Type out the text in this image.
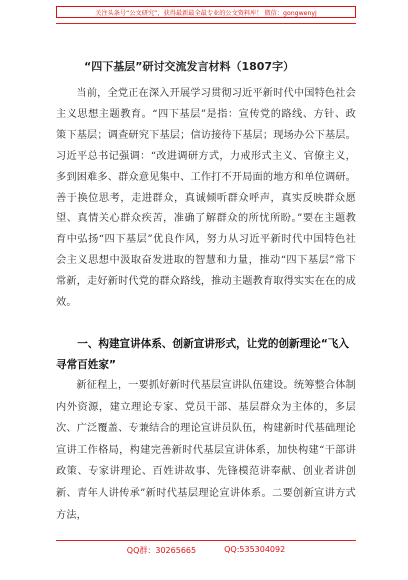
关注头条号“公文研究”，获得最新最全最专业的公文资料库！ 微信：gongwenyj
“四下基层”研讨交流发言材料（1807字）

当前，全党正在深入开展学习贯彻习近平新时代中国特色社会主义思想主题教育。“四下基层”是指：宣传党的路线、方针、政策下基层；调查研究下基层；信访接待下基层；现场办公下基层。习近平总书记强调：“改进调研方式，力戒形式主义、官僚主义，多到困难多、群众意见集中、工作打不开局面的地方和单位调研。善于换位思考，走进群众，真诚倾听群众呼声，真实反映群众愿望、真情关心群众疾苦，准确了解群众的所忧所盼。”要在主题教育中弘扬“四下基层”优良作风，努力从习近平新时代中国特色社会主义思想中汲取奋发进取的智慧和力量，推动“四下基层”常下常新，走好新时代党的群众路线，推动主题教育取得实实在在的成效。

一、构建宣讲体系、创新宣讲形式，让党的创新理论“飞入寻常百姓家”

新征程上，一要抓好新时代基层宣讲队伍建设。统筹整合体制内外资源，建立理论专家、党员干部、基层群众为主体的，多层次、广泛覆盖、专兼结合的理论宣讲员队伍，构建新时代基础理论宣讲工作格局，构建完善新时代基层宣讲体系，加快构建“干部讲政策、专家讲理论、百姓讲故事、先锋模范讲奉献、创业者讲创新、青年人讲传承”新时代基层理论宣讲体系。二要创新宣讲方式方法，

QQ群：30265665	QQ:535304092
